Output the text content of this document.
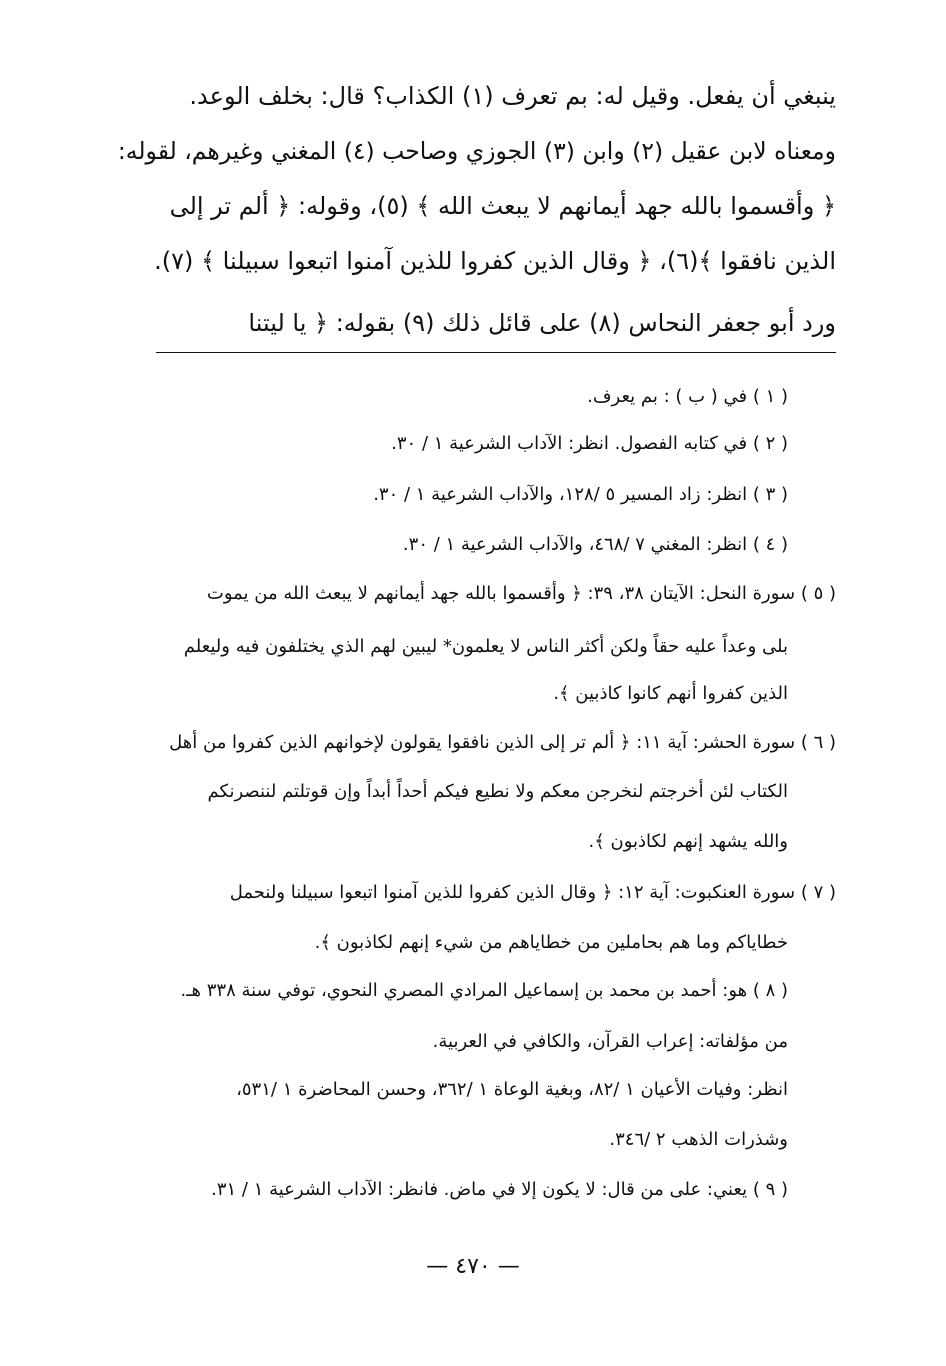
ينبغي أن يفعل. وقيل له: بم تعرف (١) الكذاب؟ قال: بخلف الوعد.
ومعناه لابن عقيل (٢) وابن (٣) الجوزي وصاحب (٤) المغني وغيرهم، لقوله:
﴿ وأقسموا بالله جهد أيمانهم لا يبعث الله ﴾ (٥)، وقوله: ﴿ ألم تر إلى
الذين نافقوا ﴾(٦)، ﴿ وقال الذين كفروا للذين آمنوا اتبعوا سبيلنا ﴾ (٧).
ورد أبو جعفر النحاس (٨) على قائل ذلك (٩) بقوله: ﴿ يا ليتنا
( ١ ) في ( ب ) : بم يعرف.
( ٢ ) في كتابه الفصول. انظر: الآداب الشرعية ١ / ٣٠.
( ٣ ) انظر: زاد المسير ٥ /١٢٨، والآداب الشرعية ١ / ٣٠.
( ٤ ) انظر: المغني ٧ /٤٦٨، والآداب الشرعية ١ / ٣٠.
( ٥ ) سورة النحل: الآيتان ٣٨، ٣٩: ﴿ وأقسموا بالله جهد أيمانهم لا يبعث الله من يموت
بلى وعداً عليه حقاً ولكن أكثر الناس لا يعلمون* ليبين لهم الذي يختلفون فيه وليعلم
الذين كفروا أنهم كانوا كاذبين ﴾.
( ٦ ) سورة الحشر: آية ١١: ﴿ ألم تر إلى الذين نافقوا يقولون لإخوانهم الذين كفروا من أهل
الكتاب لئن أخرجتم لنخرجن معكم ولا نطيع فيكم أحداً أبداً وإن قوتلتم لننصرنكم
والله يشهد إنهم لكاذبون ﴾.
( ٧ ) سورة العنكبوت: آية ١٢: ﴿ وقال الذين كفروا للذين آمنوا اتبعوا سبيلنا ولنحمل
خطاياكم وما هم بحاملين من خطاياهم من شيء إنهم لكاذبون ﴾.
( ٨ ) هو: أحمد بن محمد بن إسماعيل المرادي المصري النحوي، توفي سنة ٣٣٨ هـ.
من مؤلفاته: إعراب القرآن، والكافي في العربية.
انظر: وفيات الأعيان ١ /٨٢، وبغية الوعاة ١ /٣٦٢، وحسن المحاضرة ١ /٥٣١،
وشذرات الذهب ٢ /٣٤٦.
( ٩ ) يعني: على من قال: لا يكون إلا في ماض. فانظر: الآداب الشرعية ١ / ٣١.
— ٤٧٠ —
